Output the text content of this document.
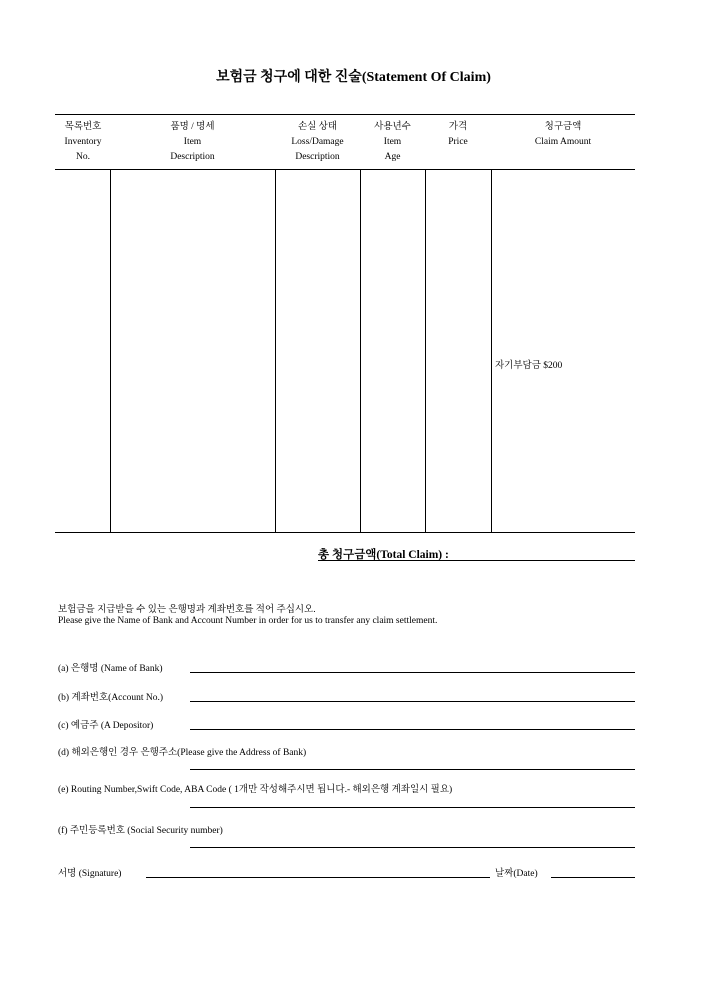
보험금 청구에 대한 진술(Statement Of Claim)
목록번호
Inventory
No.
품명 / 명세
Item
Description
손실 상태
Loss/Damage
Description
사용년수
Item
Age
가격
Price
청구금액
Claim Amount
자기부담금 $200
총 청구금액(Total Claim) :
보험금을 지급받을 수 있는 은행명과 계좌번호를 적어 주십시오.
Please give the Name of Bank and Account Number in order for us to transfer any claim settlement.
(a) 은행명 (Name of Bank)
(b) 계좌번호(Account No.)
(c) 예금주 (A Depositor)
(d) 해외은행인 경우 은행주소(Please give the Address of Bank)
(e) Routing Number,Swift Code, ABA Code ( 1개만 작성해주시면 됩니다.- 해외은행 계좌일시 필요)
(f) 주민등록번호 (Social Security number)
서명 (Signature)	날짜(Date)
